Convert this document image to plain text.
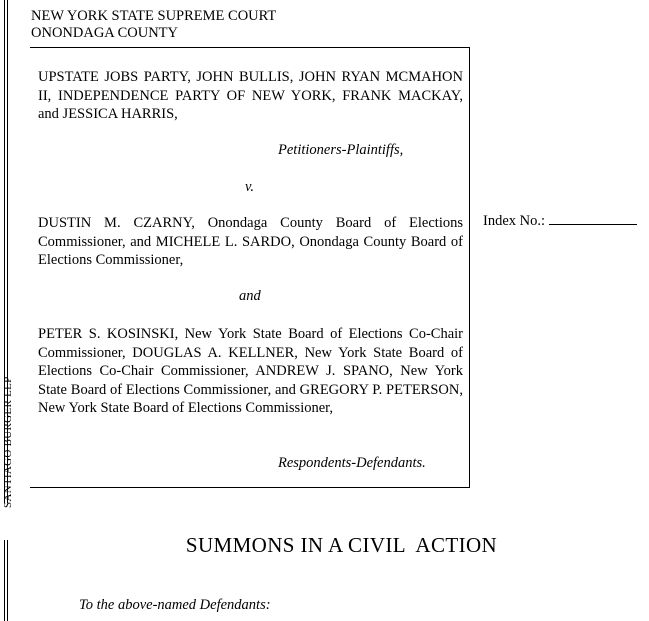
SANTIAGO BURGER LLP
NEW YORK STATE SUPREME COURT
ONONDAGA COUNTY
UPSTATE JOBS PARTY, JOHN BULLIS, JOHN RYAN MCMAHON II, INDEPENDENCE PARTY OF NEW YORK, FRANK MACKAY, and JESSICA HARRIS,
Petitioners-Plaintiffs,
v.
DUSTIN M. CZARNY, Onondaga County Board of Elections Commissioner, and MICHELE L. SARDO, Onondaga County Board of Elections Commissioner,
and
PETER S. KOSINSKI, New York State Board of Elections Co-Chair Commissioner, DOUGLAS A. KELLNER, New York State Board of Elections Co-Chair Commissioner, ANDREW J. SPANO, New York State Board of Elections Commissioner, and GREGORY P. PETERSON, New York State Board of Elections Commissioner,
Respondents-Defendants.
Index No.:
SUMMONS IN A CIVIL  ACTION
To the above-named Defendants:
